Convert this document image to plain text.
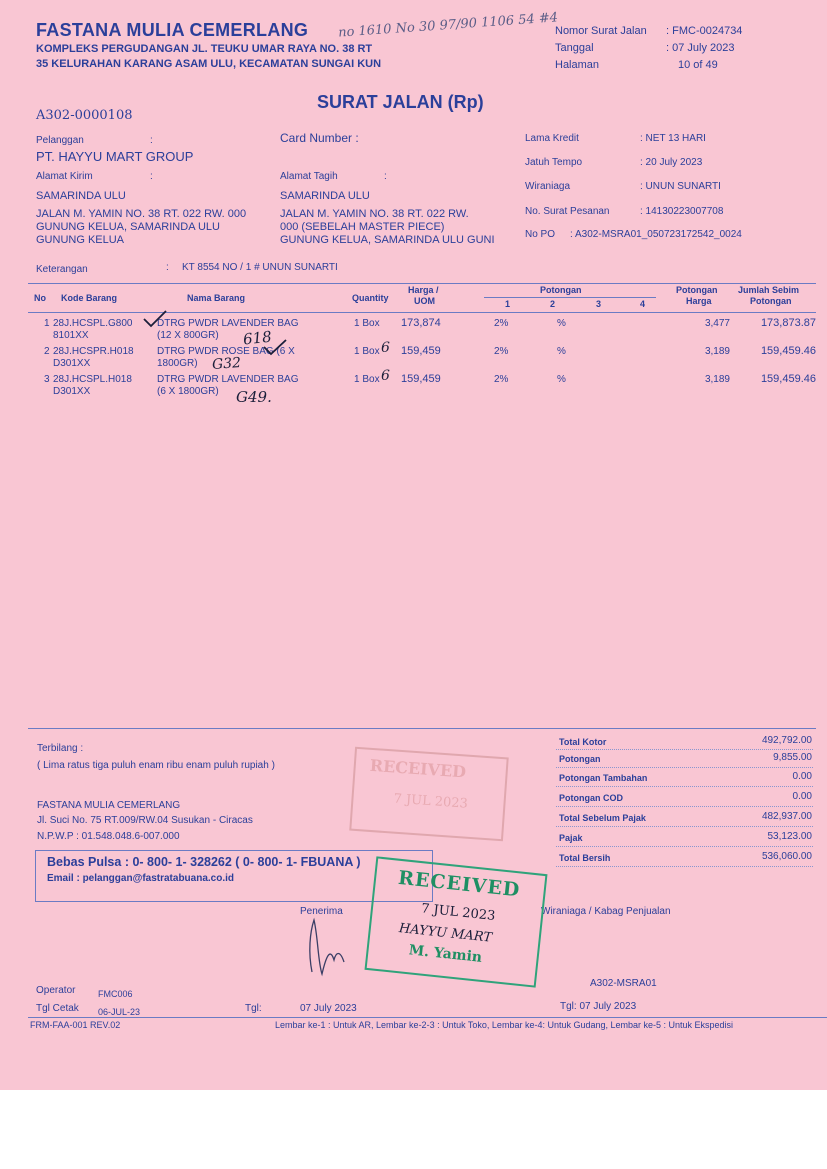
FASTANA MULIA CEMERLANG
KOMPLEKS PERGUDANGAN JL. TEUKU UMAR RAYA NO. 38 RT
35 KELURAHAN KARANG ASAM ULU, KECAMATAN SUNGAI KUN
no 1610 No 30 97/90 1106 54 #4
Nomor Surat Jalan : FMC-0024734
Tanggal	: 07 July 2023
Halaman	10 of 49
A302-0000108
SURAT JALAN (Rp)
Pelanggan	:
PT. HAYYU MART GROUP
Card Number :
Alamat Kirim	:
SAMARINDA ULU
JALAN M. YAMIN NO. 38 RT. 022 RW. 000
GUNUNG KELUA, SAMARINDA ULU
GUNUNG KELUA
Alamat Tagih	:
SAMARINDA ULU
JALAN M. YAMIN NO. 38 RT. 022 RW.
000 (SEBELAH MASTER PIECE)
GUNUNG KELUA, SAMARINDA ULU GUNI
Lama Kredit	: NET 13 HARI
Jatuh Tempo	: 20 July 2023
Wiraniaga	: UNUN SUNARTI
No. Surat Pesanan	: 14130223007708
No PO : A302-MSRA01_050723172542_0024
Keterangan	: KT 8554 NO / 1 # UNUN SUNARTI
No Kode Barang	Nama Barang	Quantity
Harga /
UOM
Potongan
1	2	3	4
Potongan
Harga
Jumlah Sebim
Potongan
1 28J.HCSPL.G800
8101XX
DTRG PWDR LAVENDER BAG
(12 X 800GR)
1 Box 173,874	2%	%	3,477	173,873.87
2 28J.HCSPR.H018
D301XX
DTRG PWDR ROSE BAG (6 X
1800GR)
1 Box 159,459	2%	%	3,189	159,459.46
3 28J.HCSPL.H018
D301XX
DTRG PWDR LAVENDER BAG
(6 X 1800GR)
1 Box 159,459	2%	%	3,189	159,459.46
618
G32
G49.
6
6
Terbilang :
( Lima ratus tiga puluh enam ribu enam puluh rupiah )
Total Kotor	492,792.00
Potongan	9,855.00
Potongan Tambahan	0.00
Potongan COD	0.00
Total Sebelum Pajak	482,937.00
Pajak	53,123.00
Total Bersih	536,060.00
FASTANA MULIA CEMERLANG
Jl. Suci No. 75 RT.009/RW.04 Susukan - Ciracas
N.P.W.P : 01.548.048.6-007.000
Bebas Pulsa : 0- 800- 1- 328262 ( 0- 800- 1- FBUANA )
Email : pelanggan@fastratabuana.co.id
Penerima	Wiraniaga / Kabag Penjualan
A302-MSRA01
RECEIVED
7 JUL 2023
RECEIVED
7 JUL 2023
HAYYU MART
M. Yamin
Operator	FMC006
Tgl Cetak 06-JUL-23	Tgl:	07 July 2023	Tgl: 07 July 2023
FRM-FAA-001 REV.02	Lembar ke-1 : Untuk AR, Lembar ke-2-3 : Untuk Toko, Lembar ke-4: Untuk Gudang, Lembar ke-5 : Untuk Ekspedisi
